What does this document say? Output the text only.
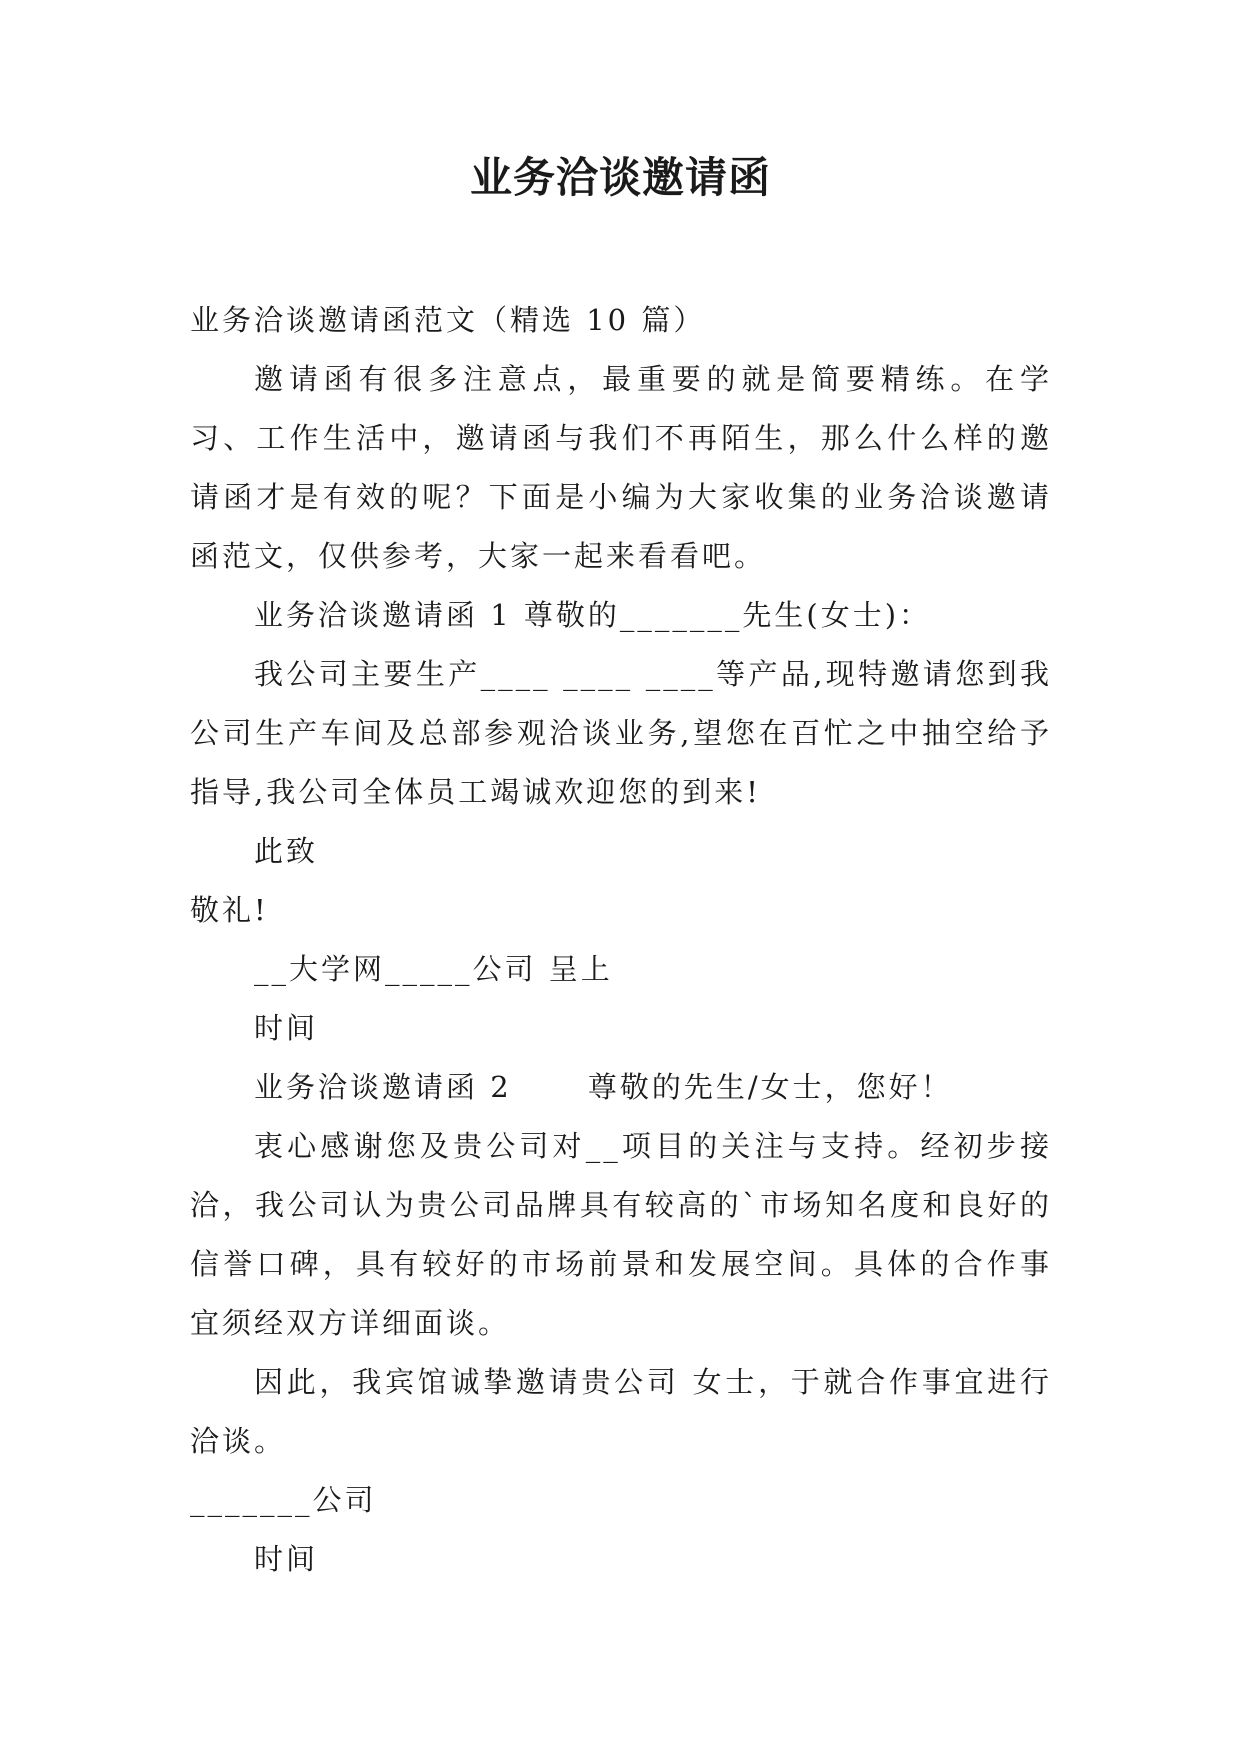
业务洽谈邀请函

业务洽谈邀请函范文（精选 10 篇）

邀请函有很多注意点，最重要的就是简要精练。在学习、工作生活中，邀请函与我们不再陌生，那么什么样的邀请函才是有效的呢？下面是小编为大家收集的业务洽谈邀请函范文，仅供参考，大家一起来看看吧。

业务洽谈邀请函 1 尊敬的_______先生(女士)：

我公司主要生产____ ____ ____等产品,现特邀请您到我公司生产车间及总部参观洽谈业务,望您在百忙之中抽空给予指导,我公司全体员工竭诚欢迎您的到来!

此致

敬礼!

__大学网_____公司 呈上

时间

业务洽谈邀请函 2 　　尊敬的先生/女士，您好！

衷心感谢您及贵公司对__项目的关注与支持。经初步接洽，我公司认为贵公司品牌具有较高的`市场知名度和良好的信誉口碑，具有较好的市场前景和发展空间。具体的合作事宜须经双方详细面谈。

因此，我宾馆诚挚邀请贵公司 女士，于就合作事宜进行洽谈。

_______公司

时间
